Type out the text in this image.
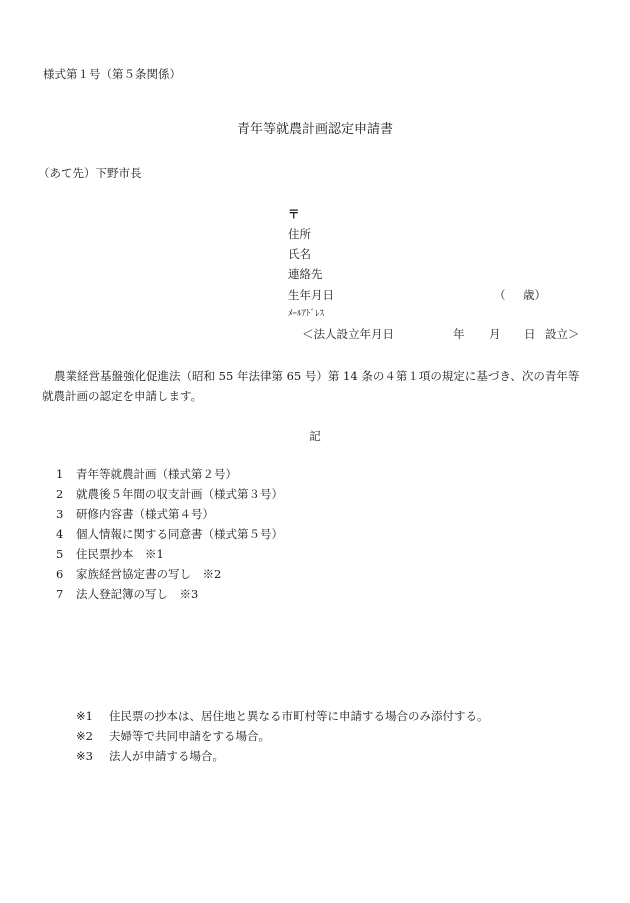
様式第１号（第５条関係）
青年等就農計画認定申請書
（あて先）下野市長
〒
住所
氏名
連絡先
生年月日	（ 歳）
ﾒｰﾙｱﾄﾞﾚｽ
＜法人設立年月日	年 月 日 設立＞
農業経営基盤強化促進法（昭和 55 年法律第 65 号）第 14 条の４第１項の規定に基づき、次の青年等就農計画の認定を申請します。
記
1 青年等就農計画（様式第２号）
2 就農後５年間の収支計画（様式第３号）
3 研修内容書（様式第４号）
4 個人情報に関する同意書（様式第５号）
5 住民票抄本　※1
6 家族経営協定書の写し　※2
7 法人登記簿の写し　※3
※1 住民票の抄本は、居住地と異なる市町村等に申請する場合のみ添付する。
※2 夫婦等で共同申請をする場合。
※3 法人が申請する場合。
